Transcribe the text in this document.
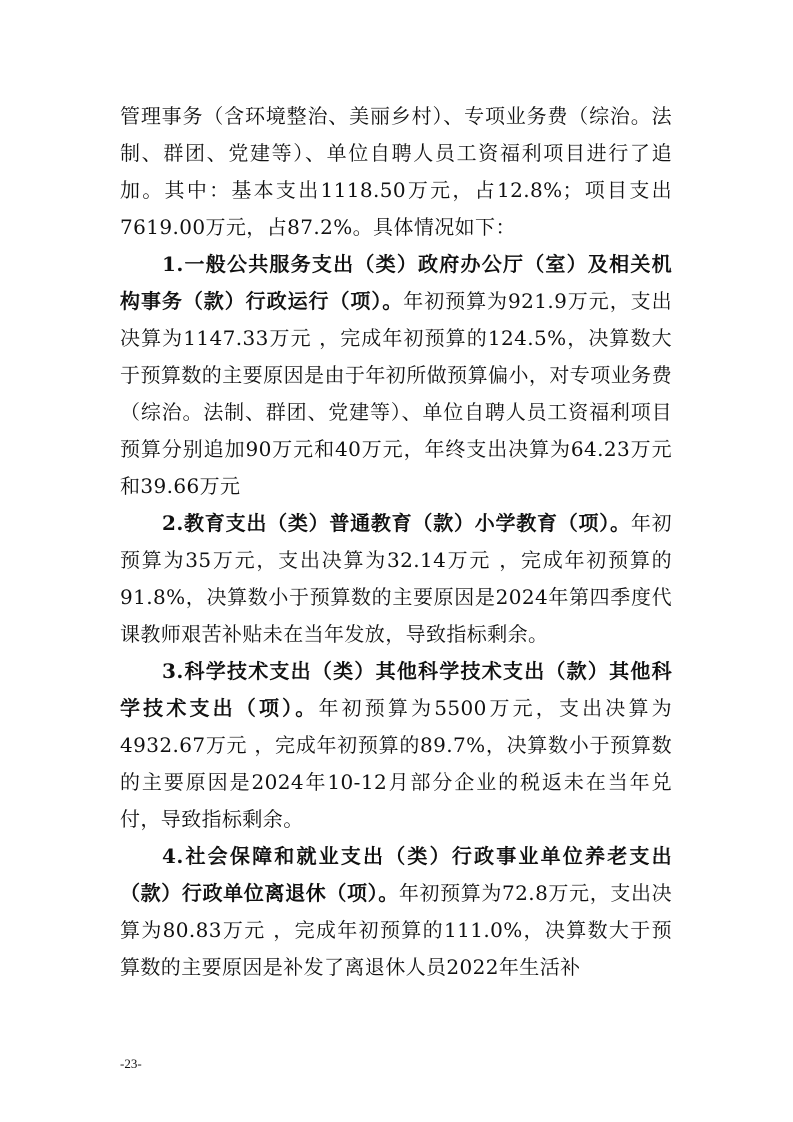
管理事务（含环境整治、美丽乡村）、专项业务费（综治。法制、群团、党建等）、单位自聘人员工资福利项目进行了追加。其中：基本支出1118.50万元，占12.8%；项目支出7619.00万元，占87.2%。具体情况如下：

1.一般公共服务支出（类）政府办公厅（室）及相关机构事务（款）行政运行（项）。年初预算为921.9万元，支出决算为1147.33万元 ，完成年初预算的124.5%，决算数大于预算数的主要原因是由于年初所做预算偏小，对专项业务费（综治。法制、群团、党建等）、单位自聘人员工资福利项目预算分别追加90万元和40万元，年终支出决算为64.23万元和39.66万元

2.教育支出（类）普通教育（款）小学教育（项）。年初预算为35万元，支出决算为32.14万元 ，完成年初预算的91.8%，决算数小于预算数的主要原因是2024年第四季度代课教师艰苦补贴未在当年发放，导致指标剩余。

3.科学技术支出（类）其他科学技术支出（款）其他科学技术支出（项）。年初预算为5500万元，支出决算为4932.67万元 ，完成年初预算的89.7%，决算数小于预算数的主要原因是2024年10-12月部分企业的税返未在当年兑付，导致指标剩余。

4.社会保障和就业支出（类）行政事业单位养老支出（款）行政单位离退休（项）。年初预算为72.8万元，支出决算为80.83万元 ，完成年初预算的111.0%，决算数大于预算数的主要原因是补发了离退休人员2022年生活补

-23-
